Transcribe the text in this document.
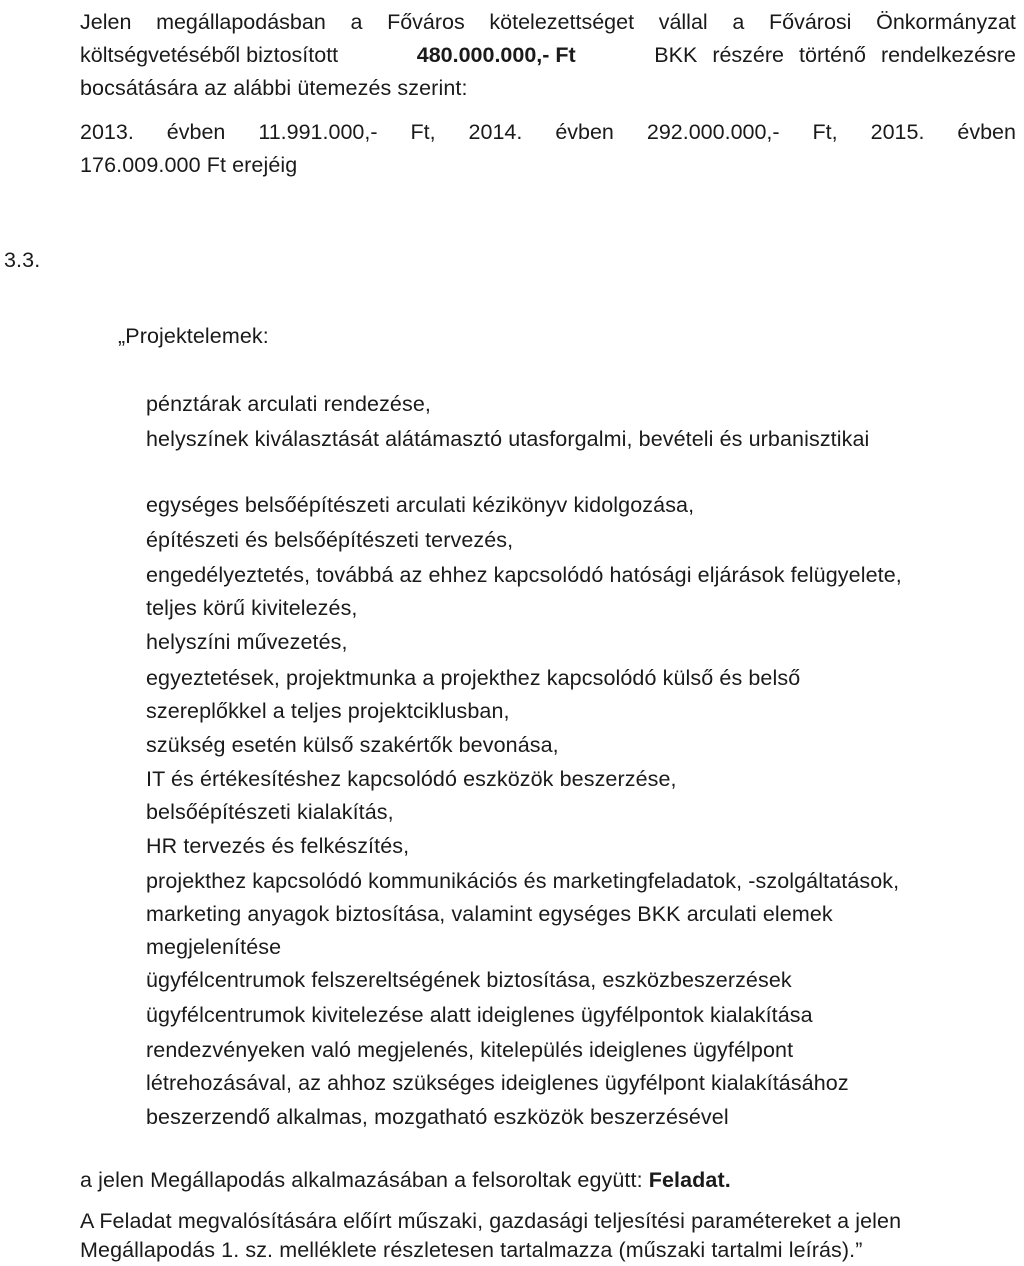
Jelen megállapodásban a Főváros kötelezettséget vállal a Fővárosi Önkormányzat
költségvetéséből biztosított	480.000.000,- Ft	BKK részére történő rendelkezésre
bocsátására az alábbi ütemezés szerint:
2013. évben 11.991.000,- Ft, 2014. évben 292.000.000,- Ft, 2015. évben
176.009.000 Ft erejéig
3.3.
„Projektelemek:
pénztárak arculati rendezése,
helyszínek kiválasztását alátámasztó utasforgalmi, bevételi és urbanisztikai
egységes belsőépítészeti arculati kézikönyv kidolgozása,
építészeti és belsőépítészeti tervezés,
engedélyeztetés, továbbá az ehhez kapcsolódó hatósági eljárások felügyelete,
teljes körű kivitelezés,
helyszíni művezetés,
egyeztetések, projektmunka a projekthez kapcsolódó külső és belső
szereplőkkel a teljes projektciklusban,
szükség esetén külső szakértők bevonása,
IT és értékesítéshez kapcsolódó eszközök beszerzése,
belsőépítészeti kialakítás,
HR tervezés és felkészítés,
projekthez kapcsolódó kommunikációs és marketingfeladatok, -szolgáltatások,
marketing anyagok biztosítása, valamint egységes BKK arculati elemek
megjelenítése
ügyfélcentrumok felszereltségének biztosítása, eszközbeszerzések
ügyfélcentrumok kivitelezése alatt ideiglenes ügyfélpontok kialakítása
rendezvényeken való megjelenés, kitelepülés ideiglenes ügyfélpont
létrehozásával, az ahhoz szükséges ideiglenes ügyfélpont kialakításához
beszerzendő alkalmas, mozgatható eszközök beszerzésével
a jelen Megállapodás alkalmazásában a felsoroltak együtt: Feladat.
A Feladat megvalósítására előírt műszaki, gazdasági teljesítési paramétereket a jelen
Megállapodás 1. sz. melléklete részletesen tartalmazza (műszaki tartalmi leírás).”
